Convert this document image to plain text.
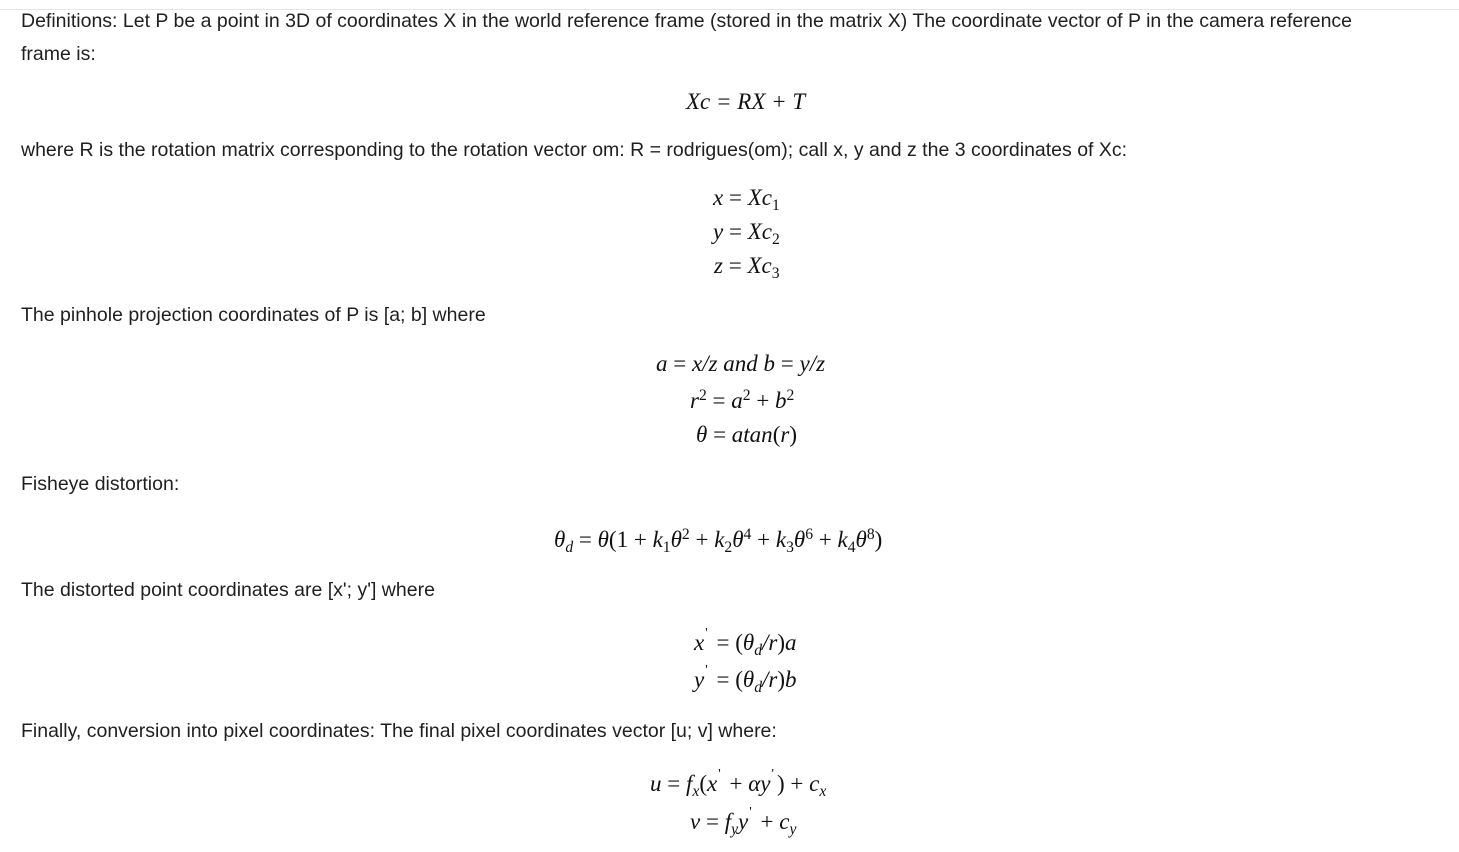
Definitions: Let P be a point in 3D of coordinates X in the world reference frame (stored in the matrix X) The coordinate vector of P in the camera reference
frame is:
Xc = RX + T
where R is the rotation matrix corresponding to the rotation vector om: R = rodrigues(om); call x, y and z the 3 coordinates of Xc:
$x = Xc_1$
$y = Xc_2$
$z = Xc_3$
The pinhole projection coordinates of P is [a; b] where
a = x/z and b = y/z
$r^2 = a^2 + b^2$
θ = atan(r)
Fisheye distortion:
$\theta_d = \theta(1 + k_1\theta^2 + k_2\theta^4 + k_3\theta^6 + k_4\theta^8)$
The distorted point coordinates are [x'; y'] where
$x' = (\theta_d/r)a$
$y' = (\theta_d/r)b$
Finally, conversion into pixel coordinates: The final pixel coordinates vector [u; v] where:
$u = f_x(x' + \alpha y'$ ) + $c_x$
$v = f_yy' + c_y$
